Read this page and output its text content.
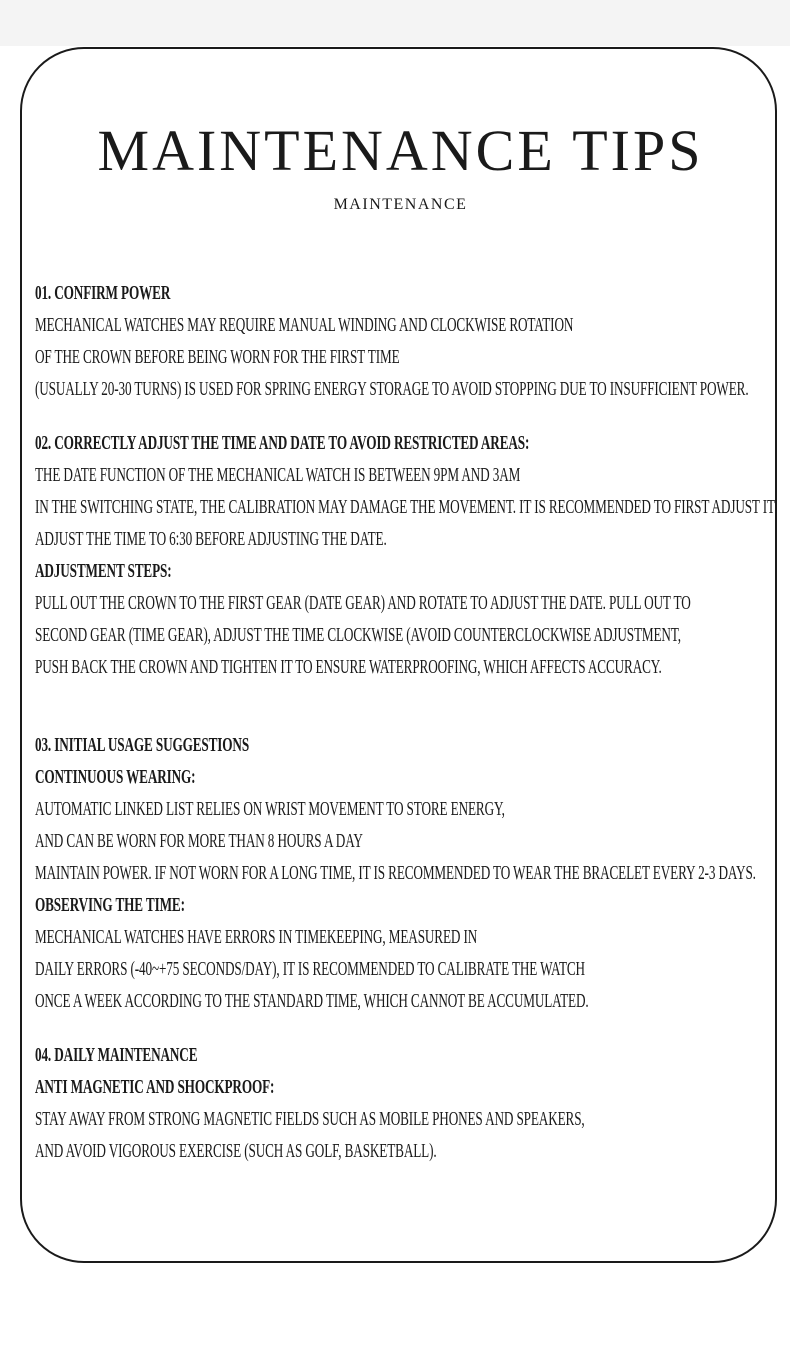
MAINTENANCE TIPS
MAINTENANCE
01. CONFIRM POWER
MECHANICAL WATCHES MAY REQUIRE MANUAL WINDING AND CLOCKWISE ROTATION
OF THE CROWN BEFORE BEING WORN FOR THE FIRST TIME
(USUALLY 20-30 TURNS) IS USED FOR SPRING ENERGY STORAGE TO AVOID STOPPING DUE TO INSUFFICIENT POWER.
02. CORRECTLY ADJUST THE TIME AND DATE TO AVOID RESTRICTED AREAS:
THE DATE FUNCTION OF THE MECHANICAL WATCH IS BETWEEN 9PM AND 3AM
IN THE SWITCHING STATE, THE CALIBRATION MAY DAMAGE THE MOVEMENT. IT IS RECOMMENDED TO FIRST ADJUST IT
ADJUST THE TIME TO 6:30 BEFORE ADJUSTING THE DATE.
ADJUSTMENT STEPS:
PULL OUT THE CROWN TO THE FIRST GEAR (DATE GEAR) AND ROTATE TO ADJUST THE DATE. PULL OUT TO
SECOND GEAR (TIME GEAR), ADJUST THE TIME CLOCKWISE (AVOID COUNTERCLOCKWISE ADJUSTMENT,
PUSH BACK THE CROWN AND TIGHTEN IT TO ENSURE WATERPROOFING, WHICH AFFECTS ACCURACY.
03. INITIAL USAGE SUGGESTIONS
CONTINUOUS WEARING:
AUTOMATIC LINKED LIST RELIES ON WRIST MOVEMENT TO STORE ENERGY,
AND CAN BE WORN FOR MORE THAN 8 HOURS A DAY
MAINTAIN POWER. IF NOT WORN FOR A LONG TIME, IT IS RECOMMENDED TO WEAR THE BRACELET EVERY 2-3 DAYS.
OBSERVING THE TIME:
MECHANICAL WATCHES HAVE ERRORS IN TIMEKEEPING, MEASURED IN
DAILY ERRORS (-40~+75 SECONDS/DAY), IT IS RECOMMENDED TO CALIBRATE THE WATCH
ONCE A WEEK ACCORDING TO THE STANDARD TIME, WHICH CANNOT BE ACCUMULATED.
04. DAILY MAINTENANCE
ANTI MAGNETIC AND SHOCKPROOF:
STAY AWAY FROM STRONG MAGNETIC FIELDS SUCH AS MOBILE PHONES AND SPEAKERS,
AND AVOID VIGOROUS EXERCISE (SUCH AS GOLF, BASKETBALL).
